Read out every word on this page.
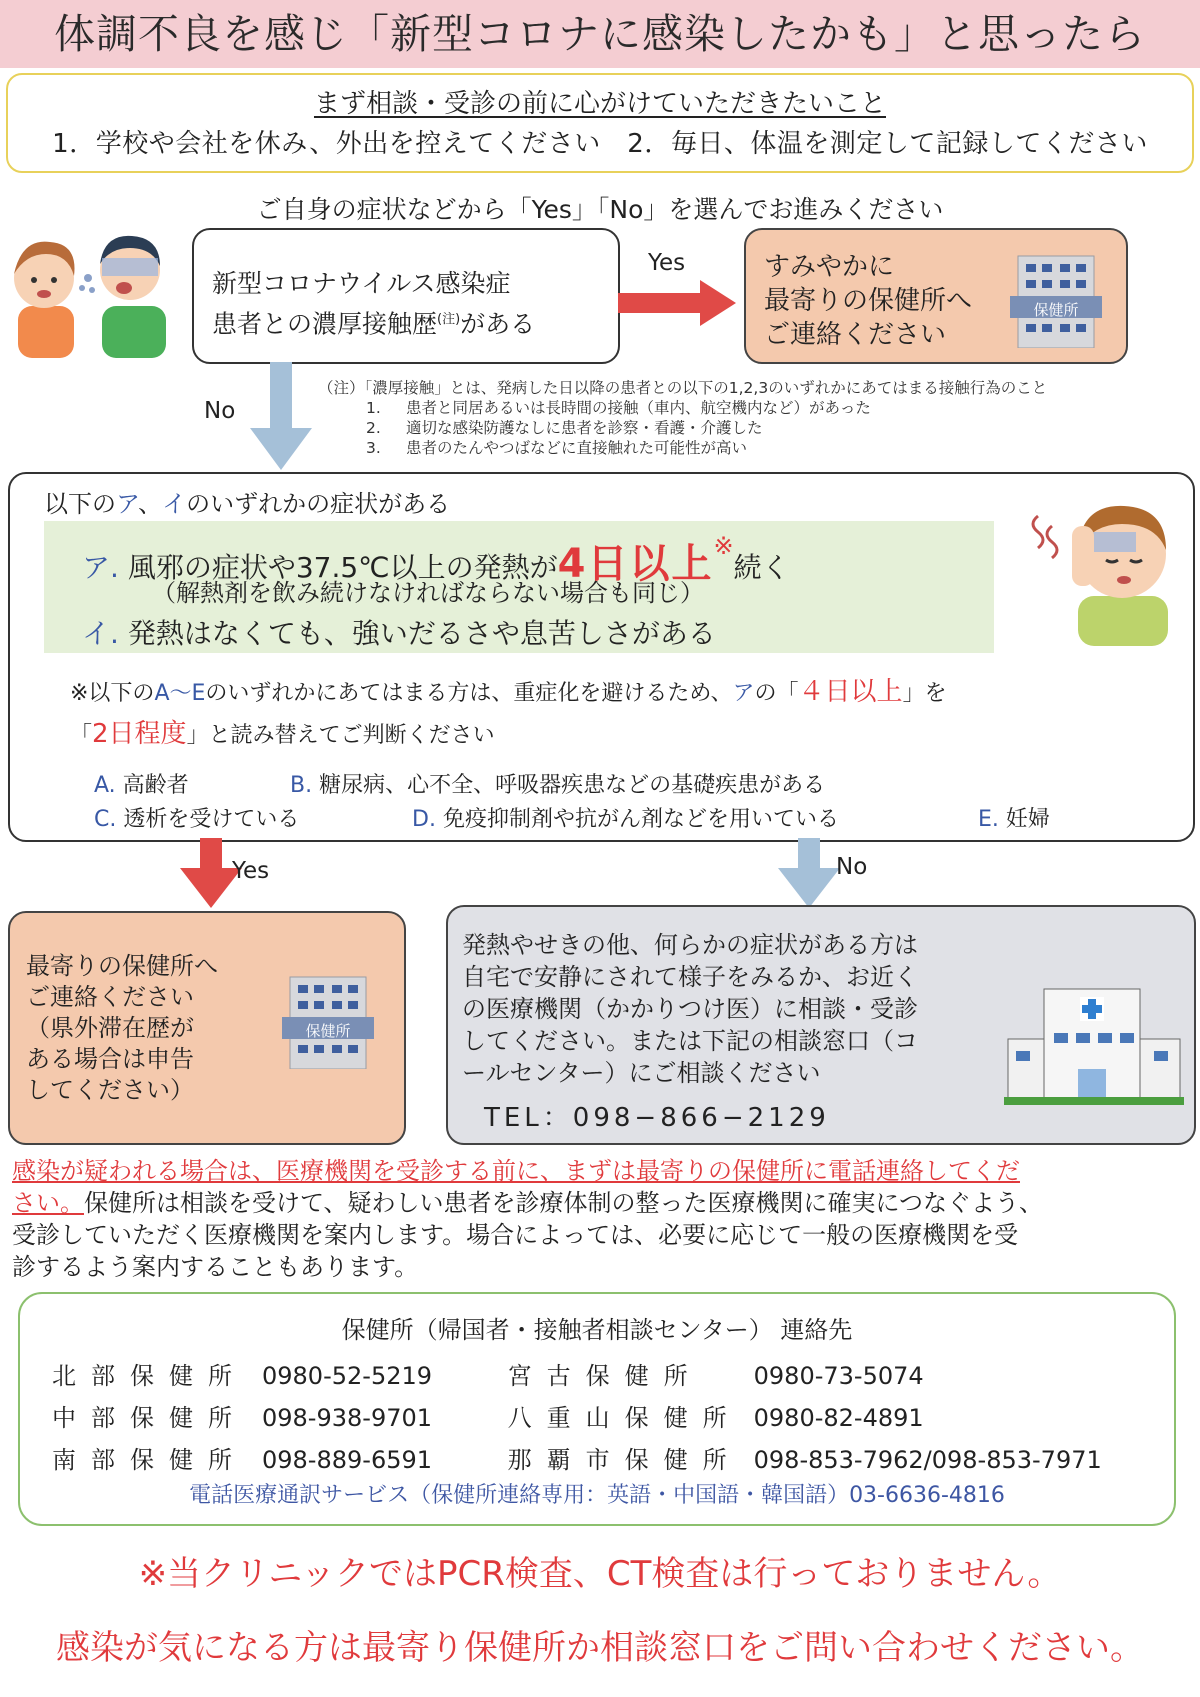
体調不良を感じ「新型コロナに感染したかも」と思ったら
まず相談・受診の前に心がけていただきたいこと
1．学校や会社を休み、外出を控えてください　2．毎日、体温を測定して記録してください
ご自身の症状などから「Yes」「No」を選んでお進みください
新型コロナウイルス感染症
患者との濃厚接触歴$^{(注)}$がある
Yes	すみやかに
最寄りの保健所へ
ご連絡ください
保健所
No
（注）「濃厚接触」とは、発病した日以降の患者との以下の1,2,3のいずれかにあてはまる接触行為のこと
1. 患者と同居あるいは長時間の接触（車内、航空機内など）があった
2. 適切な感染防護なしに患者を診察・看護・介護した
3. 患者のたんやつばなどに直接触れた可能性が高い
以下のア、イのいずれかの症状がある
ア. 風邪の症状や37.5℃以上の発熱が4日以上※続く
（解熱剤を飲み続けなければならない場合も同じ）
イ. 発熱はなくても、強いだるさや息苦しさがある
※以下のA〜Eのいずれかにあてはまる方は、重症化を避けるため、アの「４日以上」を
「2日程度」と読み替えてご判断ください
A. 高齢者	B. 糖尿病、心不全、呼吸器疾患などの基礎疾患がある
C. 透析を受けている	D. 免疫抑制剤や抗がん剤などを用いている	E. 妊婦
Yes	No
最寄りの保健所へ
ご連絡ください
（県外滞在歴が
ある場合は申告
してください）
保健所
発熱やせきの他、何らかの症状がある方は
自宅で安静にされて様子をみるか、お近く
の医療機関（かかりつけ医）に相談・受診
してください。または下記の相談窓口（コ
ールセンター）にご相談ください
TEL：098−866−2129
感染が疑われる場合は、医療機関を受診する前に、まずは最寄りの保健所に電話連絡してくだ
さい。保健所は相談を受けて、疑わしい患者を診療体制の整った医療機関に確実につなぐよう、
受診していただく医療機関を案内します。場合によっては、必要に応じて一般の医療機関を受
診するよう案内することもあります。
保健所（帰国者・接触者相談センター） 連絡先
北部保健所 0980-52-5219	宮古保健所 0980-73-5074
中部保健所 098-938-9701	八重山保健所 0980-82-4891
南部保健所 098-889-6591	那覇市保健所 098-853-7962/098-853-7971
電話医療通訳サービス（保健所連絡専用：英語・中国語・韓国語）03-6636-4816
※当クリニックではPCR検査、CT検査は行っておりません。
感染が気になる方は最寄り保健所か相談窓口をご問い合わせください。
